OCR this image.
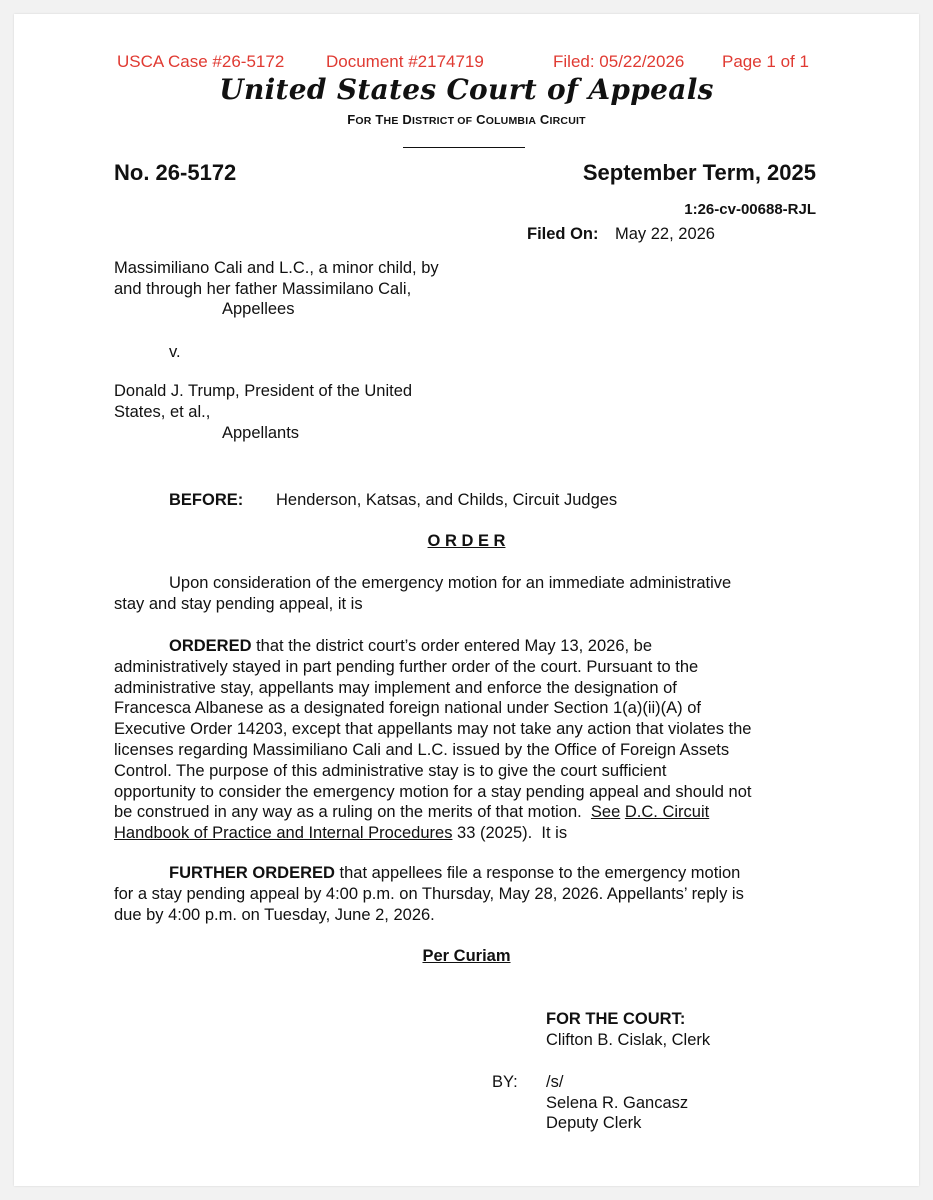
USCA Case #26-5172 Document #2174719	Filed: 05/22/2026 Page 1 of 1
United States Court of Appeals
FOR THE DISTRICT OF COLUMBIA CIRCUIT
No. 26-5172	September Term, 2025
1:26-cv-00688-RJL
Filed On: May 22, 2026
Massimiliano Cali and L.C., a minor child, by
and through her father Massimilano Cali,
Appellees
v.
Donald J. Trump, President of the United
States, et al.,
Appellants
BEFORE: Henderson, Katsas, and Childs, Circuit Judges
O R D E R
Upon consideration of the emergency motion for an immediate administrative
stay and stay pending appeal, it is
ORDERED that the district court’s order entered May 13, 2026, be
administratively stayed in part pending further order of the court. Pursuant to the
administrative stay, appellants may implement and enforce the designation of
Francesca Albanese as a designated foreign national under Section 1(a)(ii)(A) of
Executive Order 14203, except that appellants may not take any action that violates the
licenses regarding Massimiliano Cali and L.C. issued by the Office of Foreign Assets
Control. The purpose of this administrative stay is to give the court sufficient
opportunity to consider the emergency motion for a stay pending appeal and should not
be construed in any way as a ruling on the merits of that motion.  See D.C. Circuit
Handbook of Practice and Internal Procedures 33 (2025).  It is
FURTHER ORDERED that appellees file a response to the emergency motion
for a stay pending appeal by 4:00 p.m. on Thursday, May 28, 2026. Appellants’ reply is
due by 4:00 p.m. on Tuesday, June 2, 2026.
Per Curiam
FOR THE COURT:
Clifton B. Cislak, Clerk
BY: /s/
Selena R. Gancasz
Deputy Clerk
